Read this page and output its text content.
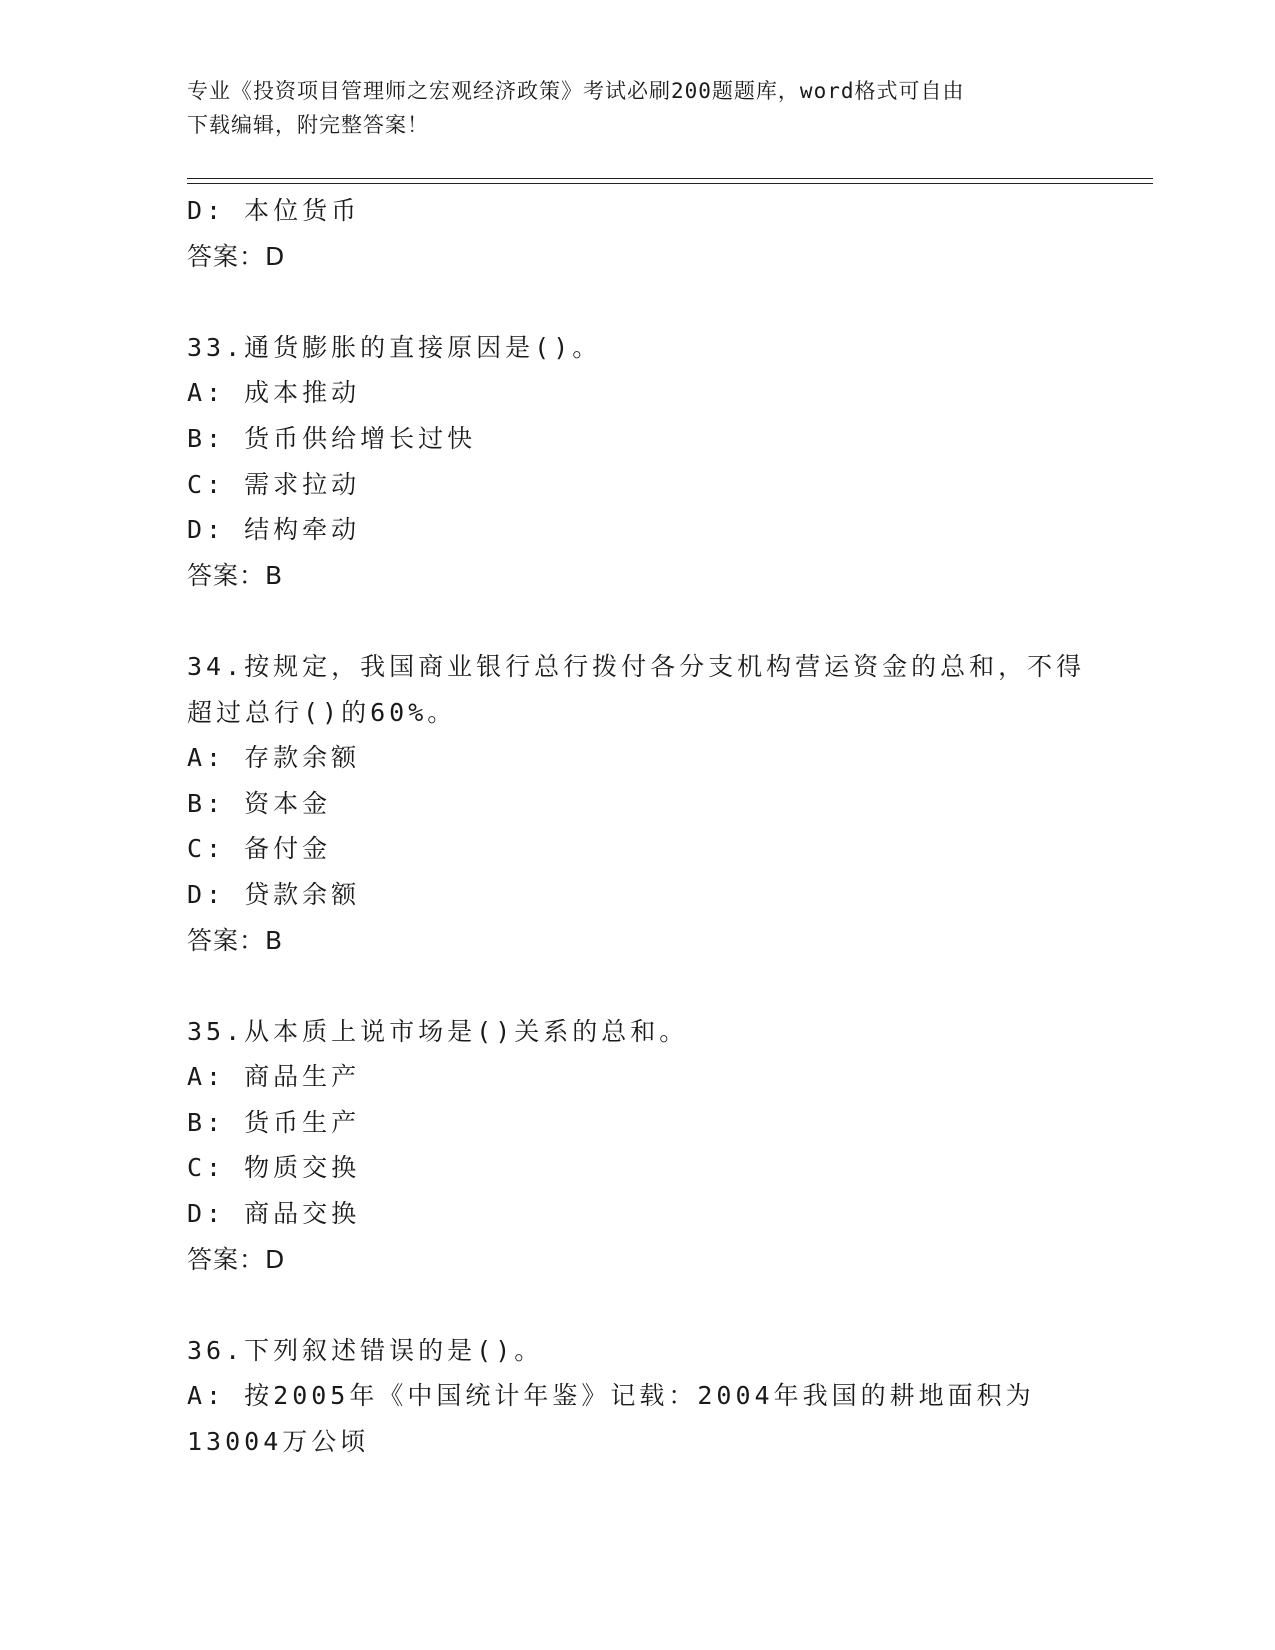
专业《投资项目管理师之宏观经济政策》考试必刷200题题库，word格式可自由
下载编辑，附完整答案！
D: 本位货币
答案：D
33.通货膨胀的直接原因是()。
A: 成本推动
B: 货币供给增长过快
C: 需求拉动
D: 结构牵动
答案：B
34.按规定，我国商业银行总行拨付各分支机构营运资金的总和，不得
超过总行()的60%。
A: 存款余额
B: 资本金
C: 备付金
D: 贷款余额
答案：B
35.从本质上说市场是()关系的总和。
A: 商品生产
B: 货币生产
C: 物质交换
D: 商品交换
答案：D
36.下列叙述错误的是()。
A: 按2005年《中国统计年鉴》记载：2004年我国的耕地面积为
13004万公顷
